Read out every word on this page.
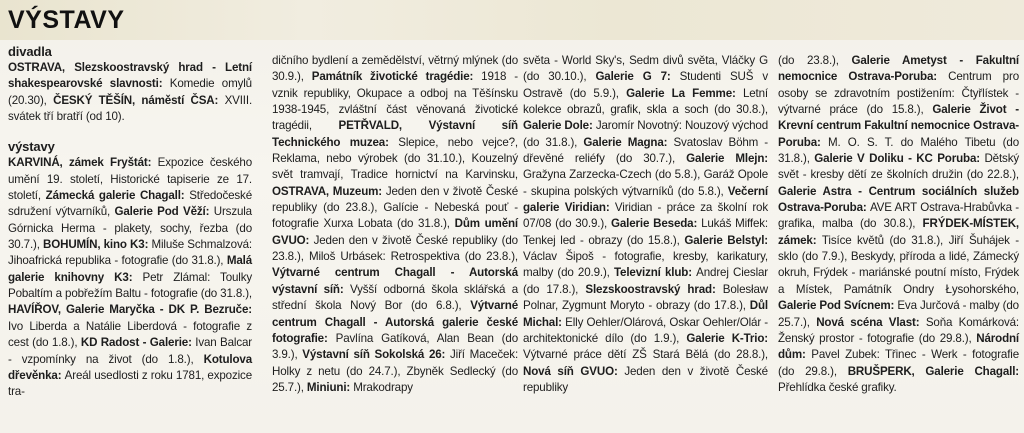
VÝSTAVY
divadla
OSTRAVA, Slezskoostravský hrad - Letní shakespearovské slavnosti: Komedie omylů (20.30), ČESKÝ TĚŠÍN, náměstí ČSA: XVIII. svátek tří bratří (od 10).
výstavy
KARVINÁ, zámek Fryštát: Expozice českého umění 19. století, Historické tapiserie ze 17. století, Zámecká galerie Chagall: Středočeské sdružení výtvarníků, Galerie Pod Věží: Urszula Górnicka Herma - plakety, sochy, řezba (do 30.7.), BOHUMÍN, kino K3: Miluše Schmalzová: Jihoafrická republika - fotografie (do 31.8.), Malá galerie knihovny K3: Petr Zlámal: Toulky Pobaltím a pobřežím Baltu - fotografie (do 31.8.), HAVÍŘOV, Galerie Maryčka - DK P. Bezruče: Ivo Liberda a Natálie Liberdová - fotografie z cest (do 1.8.), KD Radost - Galerie: Ivan Balcar - vzpomínky na život (do 1.8.), Kotulova dřevěnka: Areál usedlosti z roku 1781, expozice tra-
dičního bydlení a zemědělství, větrný mlýnek (do 30.9.), Památník životické tragédie: 1918 - vznik republiky, Okupace a odboj na Těšínsku 1938-1945, zvláštní část věnovaná životické tragédii, PETŘVALD, Výstavní síň Technického muzea: Slepice, nebo vejce?, Reklama, nebo výrobek (do 31.10.), Kouzelný svět tramvají, Tradice hornictví na Karvinsku, OSTRAVA, Muzeum: Jeden den v životě České republiky (do 23.8.), Galície - Nebeská pouť - fotografie Xurxa Lobata (do 31.8.), Dům umění GVUO: Jeden den v životě České republiky (do 23.8.), Miloš Urbásek: Retrospektiva (do 23.8.), Výtvarné centrum Chagall - Autorská výstavní síň: Vyšší odborná škola sklářská a střední škola Nový Bor (do 6.8.), Výtvarné centrum Chagall - Autorská galerie české fotografie: Pavlína Gatíková, Alan Bean (do 3.9.), Výstavní síň Sokolská 26: Jiří Maceček: Holky z netu (do 24.7.), Zbyněk Sedlecký (do 25.7.), Miniuni: Mrakodrapy
světa - World Sky's, Sedm divů světa, Vláčky G (do 30.10.), Galerie G 7: Studenti SUŠ v Ostravě (do 5.9.), Galerie La Femme: Letní kolekce obrazů, grafik, skla a soch (do 30.8.), Galerie Dole: Jaromír Novotný: Nouzový východ (do 31.8.), Galerie Magna: Svatoslav Böhm - dřevěné reliéfy (do 30.7.), Galerie Mlejn: Gražyna Zarzecka-Czech (do 5.8.), Garáž Opole - skupina polských výtvarníků (do 5.8.), Večerní galerie Viridian: Viridian - práce za školní rok 07/08 (do 30.9.), Galerie Beseda: Lukáš Miffek: Tenkej led - obrazy (do 15.8.), Galerie Belstyl: Václav Šipoš - fotografie, kresby, karikatury, malby (do 20.9.), Televizní klub: Andrej Cieslar (do 17.8.), Slezskoostravský hrad: Bolesław Polnar, Zygmunt Moryto - obrazy (do 17.8.), Důl Michal: Elly Oehler/Olárová, Oskar Oehler/Olár - architektonické dílo (do 1.9.), Galerie K-Trio: Výtvarné práce dětí ZŠ Stará Bělá (do 28.8.), Nová síň GVUO: Jeden den v životě České republiky
(do 23.8.), Galerie Ametyst - Fakultní nemocnice Ostrava-Poruba: Centrum pro osoby se zdravotním postižením: Čtyřlístek - výtvarné práce (do 15.8.), Galerie Život - Krevní centrum Fakultní nemocnice Ostrava-Poruba: M. O. S. T. do Malého Tibetu (do 31.8.), Galerie V Doliku - KC Poruba: Dětský svět - kresby dětí ze školních družin (do 22.8.), Galerie Astra - Centrum sociálních služeb Ostrava-Poruba: AVE ART Ostrava-Hrabůvka - grafika, malba (do 30.8.), FRÝDEK-MÍSTEK, zámek: Tisíce květů (do 31.8.), Jiří Šuhájek - sklo (do 7.9.), Beskydy, příroda a lidé, Zámecký okruh, Frýdek - mariánské poutní místo, Frýdek a Místek, Památník Ondry Łysohorského, Galerie Pod Svícnem: Eva Jurčová - malby (do 25.7.), Nová scéna Vlast: Soňa Komárková: Ženský prostor - fotografie (do 29.8.), Národní dům: Pavel Zubek: Třinec - Werk - fotografie (do 29.8.), BRUŠPERK, Galerie Chagall: Přehlídka české grafiky.
